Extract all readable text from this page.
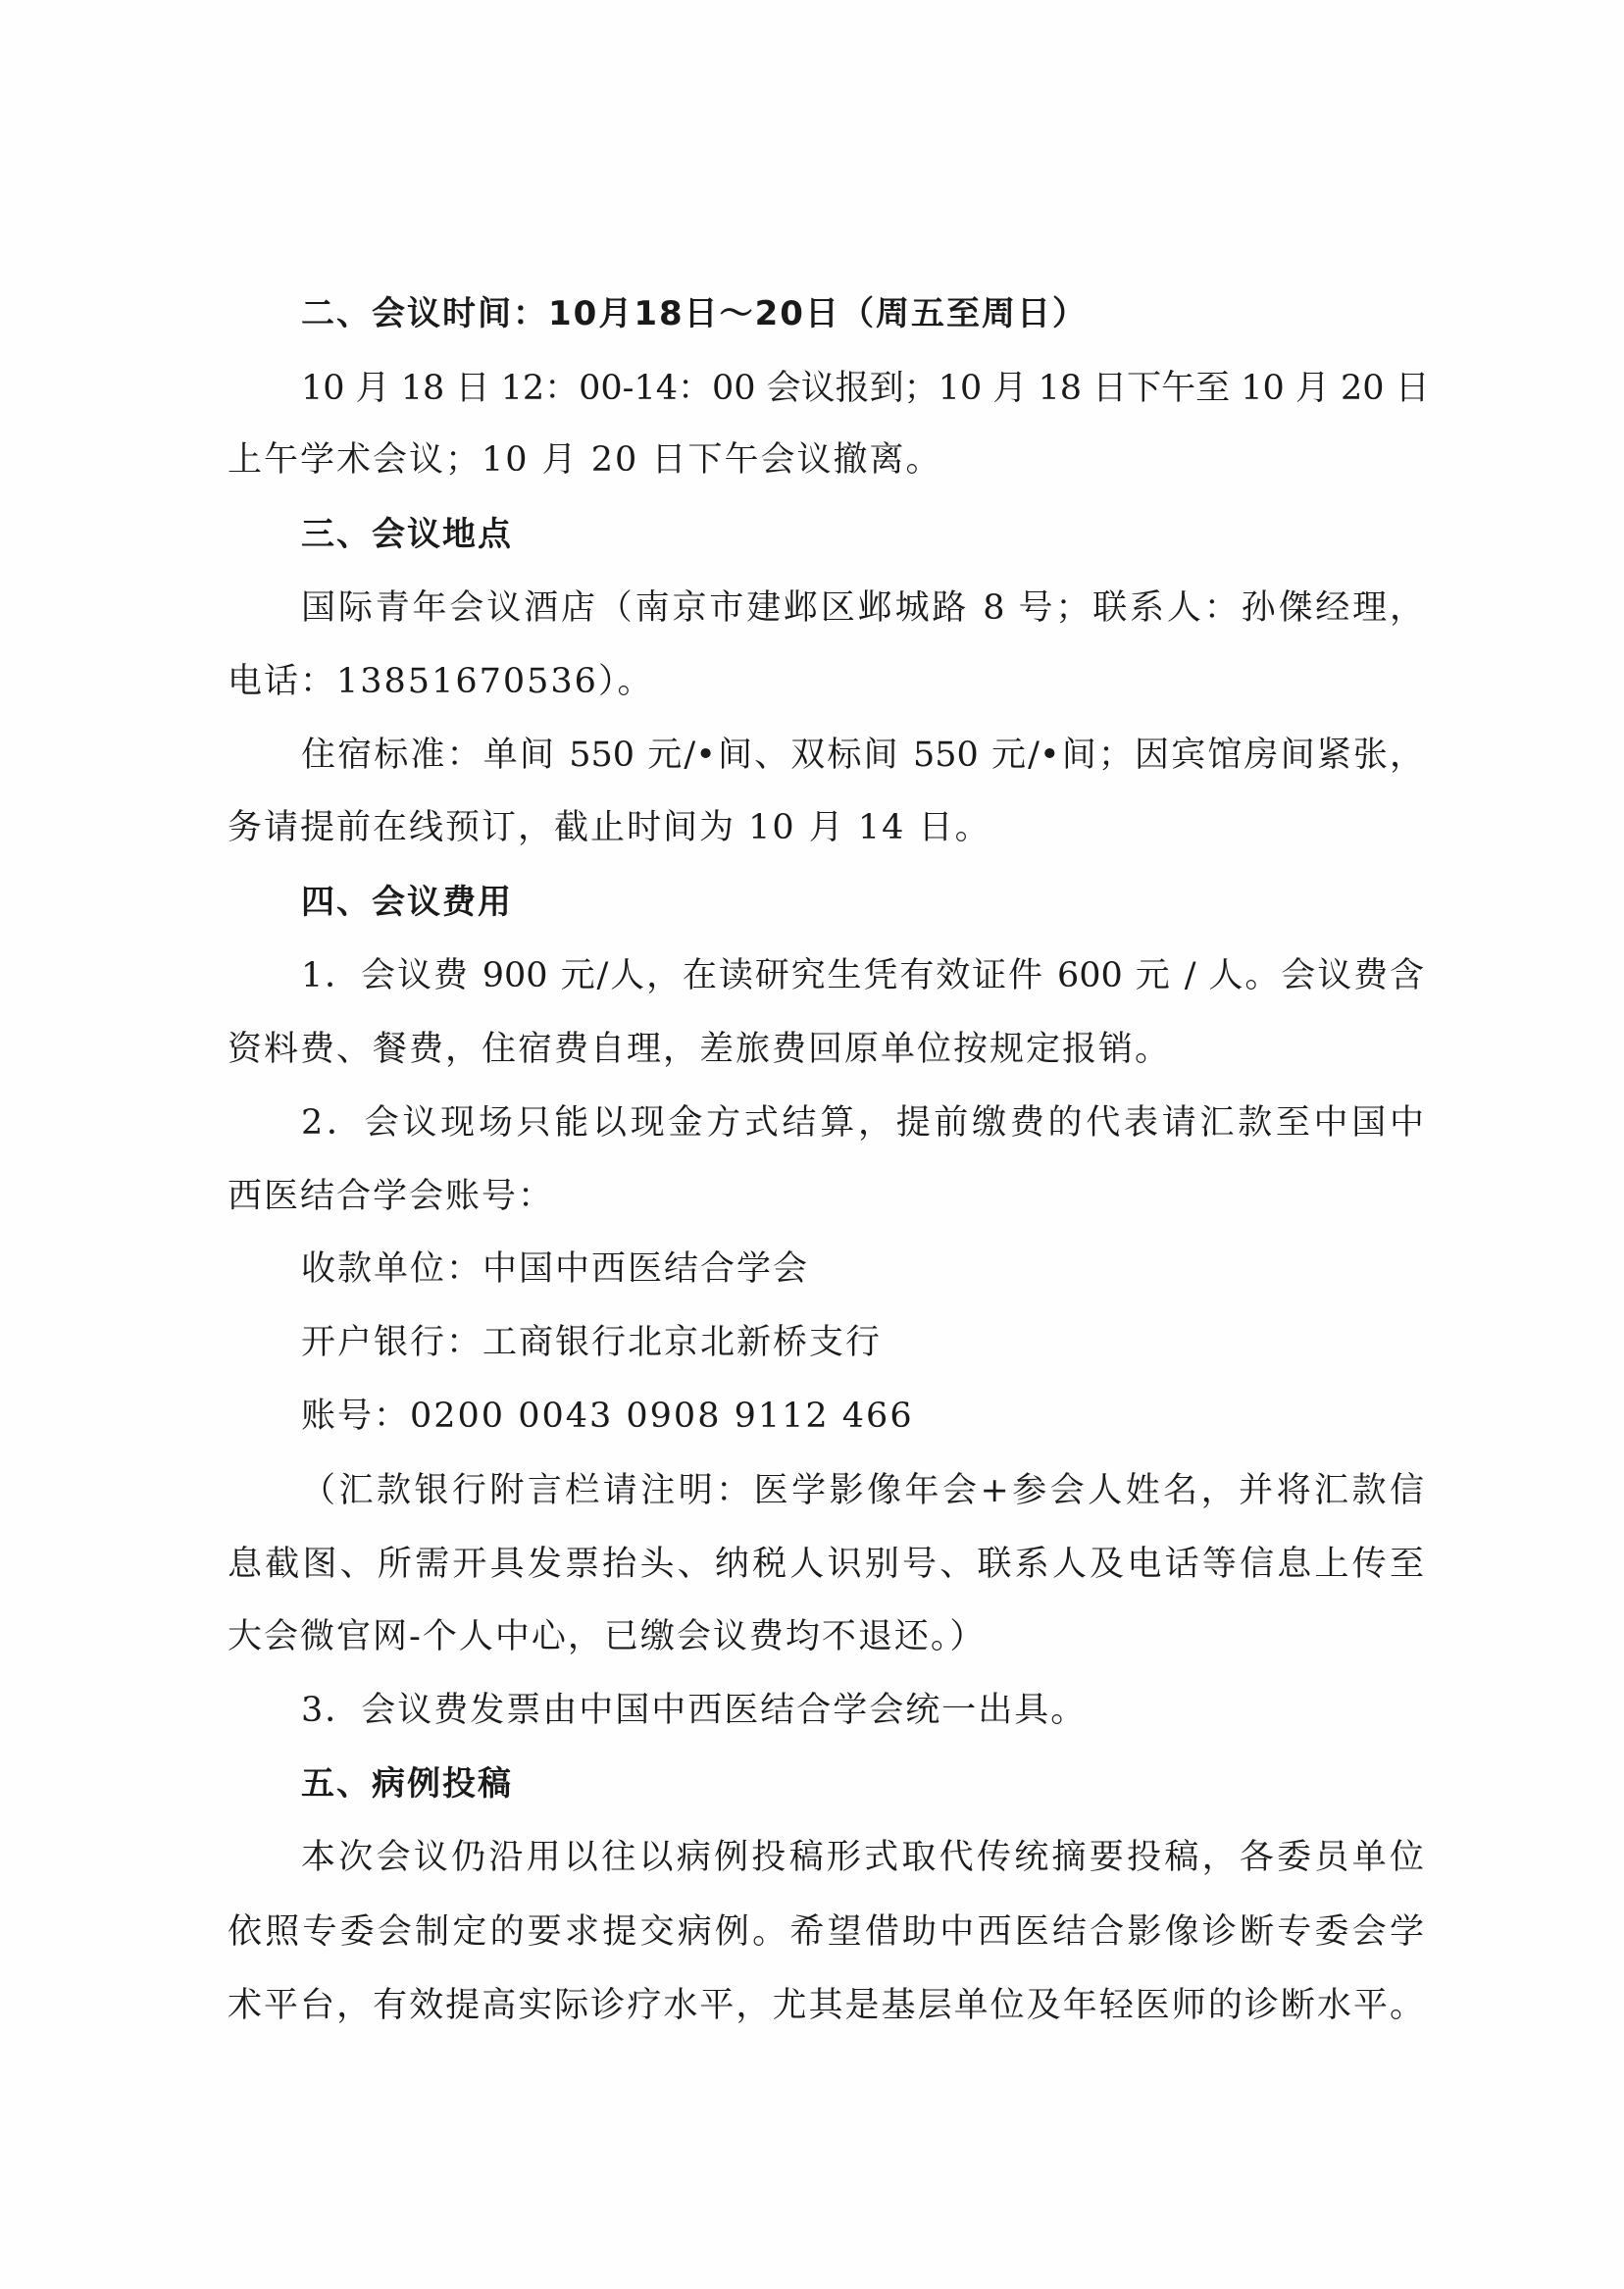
二、会议时间：10月18日～20日（周五至周日）
10 月 18 日 12：00-14：00 会议报到；10 月 18 日下午至 10 月 20 日
上午学术会议；10 月 20 日下午会议撤离。
三、会议地点
国际青年会议酒店（南京市建邺区邺城路 8 号；联系人：孙傑经理，
电话：13851670536）。
住宿标准：单间 550 元/•间、双标间 550 元/•间；因宾馆房间紧张，
务请提前在线预订，截止时间为 10 月 14 日。
四、会议费用
1．会议费 900 元/人，在读研究生凭有效证件 600 元 / 人。会议费含
资料费、餐费，住宿费自理，差旅费回原单位按规定报销。
2．会议现场只能以现金方式结算，提前缴费的代表请汇款至中国中
西医结合学会账号：
收款单位：中国中西医结合学会
开户银行：工商银行北京北新桥支行
账号：0200 0043 0908 9112 466
（汇款银行附言栏请注明：医学影像年会+参会人姓名，并将汇款信
息截图、所需开具发票抬头、纳税人识别号、联系人及电话等信息上传至
大会微官网-个人中心，已缴会议费均不退还。）
3．会议费发票由中国中西医结合学会统一出具。
五、病例投稿
本次会议仍沿用以往以病例投稿形式取代传统摘要投稿，各委员单位
依照专委会制定的要求提交病例。希望借助中西医结合影像诊断专委会学
术平台，有效提高实际诊疗水平，尤其是基层单位及年轻医师的诊断水平。
